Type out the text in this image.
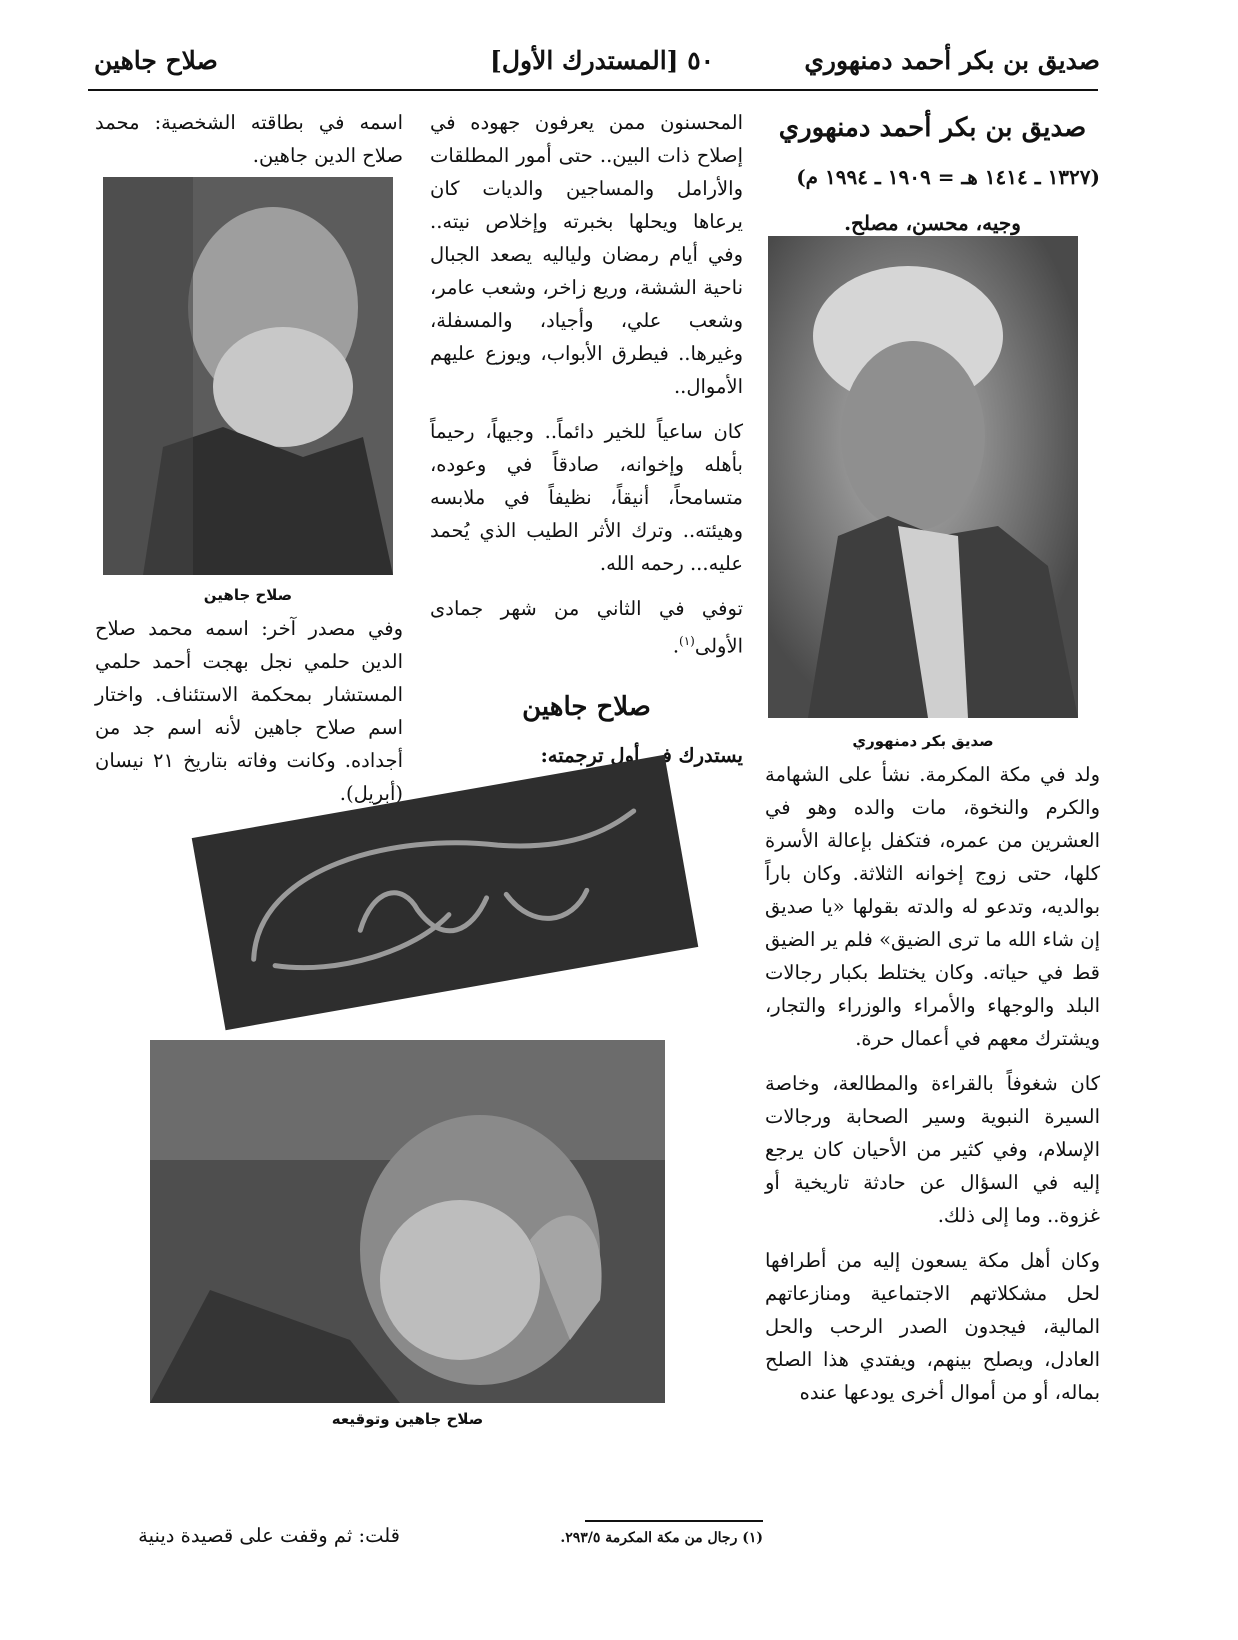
صديق بن بكر أحمد دمنهوري
[المستدرك الأول] ٥٠
صلاح جاهين

صديق بن بكر أحمد دمنهوري

(١٣٢٧ ـ ١٤١٤ هـ = ١٩٠٩ ـ ١٩٩٤ م)

وجيه، محسن، مصلح.

صديق بكر دمنهوري

ولد في مكة المكرمة. نشأ على الشهامة والكرم والنخوة، مات والده وهو في العشرين من عمره، فتكفل بإعالة الأسرة كلها، حتى زوج إخوانه الثلاثة. وكان باراً بوالديه، وتدعو له والدته بقولها «يا صديق إن شاء الله ما ترى الضيق» فلم ير الضيق قط في حياته. وكان يختلط بكبار رجالات البلد والوجهاء والأمراء والوزراء والتجار، ويشترك معهم في أعمال حرة.

كان شغوفاً بالقراءة والمطالعة، وخاصة السيرة النبوية وسير الصحابة ورجالات الإسلام، وفي كثير من الأحيان كان يرجع إليه في السؤال عن حادثة تاريخية أو غزوة.. وما إلى ذلك.

وكان أهل مكة يسعون إليه من أطرافها لحل مشكلاتهم الاجتماعية ومنازعاتهم المالية، فيجدون الصدر الرحب والحل العادل، ويصلح بينهم، ويفتدي هذا الصلح بماله، أو من أموال أخرى يودعها عنده

المحسنون ممن يعرفون جهوده في إصلاح ذات البين.. حتى أمور المطلقات والأرامل والمساجين والديات كان يرعاها ويحلها بخبرته وإخلاص نيته.. وفي أيام رمضان ولياليه يصعد الجبال ناحية الششة، وريع زاخر، وشعب عامر، وشعب علي، وأجياد، والمسفلة، وغيرها.. فيطرق الأبواب، ويوزع عليهم الأموال..

كان ساعياً للخير دائماً.. وجيهاً، رحيماً بأهله وإخوانه، صادقاً في وعوده، متسامحاً، أنيقاً، نظيفاً في ملابسه وهيئته.. وترك الأثر الطيب الذي يُحمد عليه... رحمه الله.

توفي في الثاني من شهر جمادى الأولى$^{(١)}$.

صلاح جاهين

يستدرك في أول ترجمته:

اسمه في بطاقته الشخصية: محمد صلاح الدين جاهين.

صلاح جاهين

وفي مصدر آخر: اسمه محمد صلاح الدين حلمي نجل بهجت أحمد حلمي المستشار بمحكمة الاستئناف. واختار اسم صلاح جاهين لأنه اسم جد من أجداده. وكانت وفاته بتاريخ ٢١ نيسان (أبريل).

صلاح جاهين وتوقيعه
(١) رجال من مكة المكرمة ٢٩٣/٥.
قلت: ثم وقفت على قصيدة دينية
